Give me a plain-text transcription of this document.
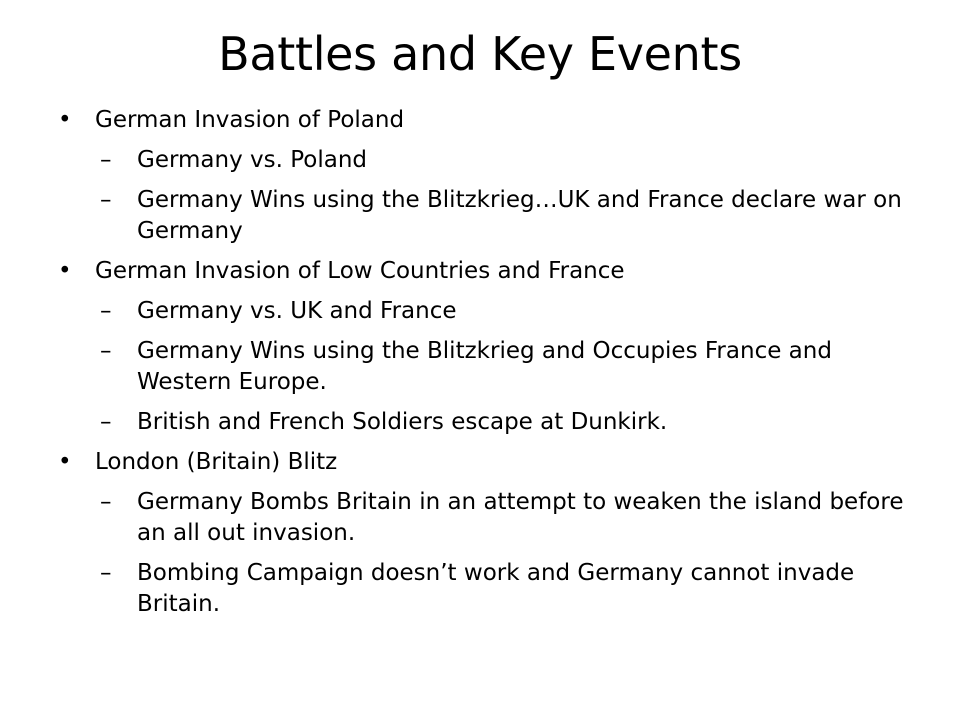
Battles and Key Events
• German Invasion of Poland
– Germany vs. Poland
– Germany Wins using the Blitzkrieg…UK and France declare war on Germany
• German Invasion of Low Countries and France
– Germany vs. UK and France
– Germany Wins using the Blitzkrieg and Occupies France and Western Europe.
– British and French Soldiers escape at Dunkirk.
• London (Britain) Blitz
– Germany Bombs Britain in an attempt to weaken the island before an all out invasion.
– Bombing Campaign doesn’t work and Germany cannot invade Britain.
